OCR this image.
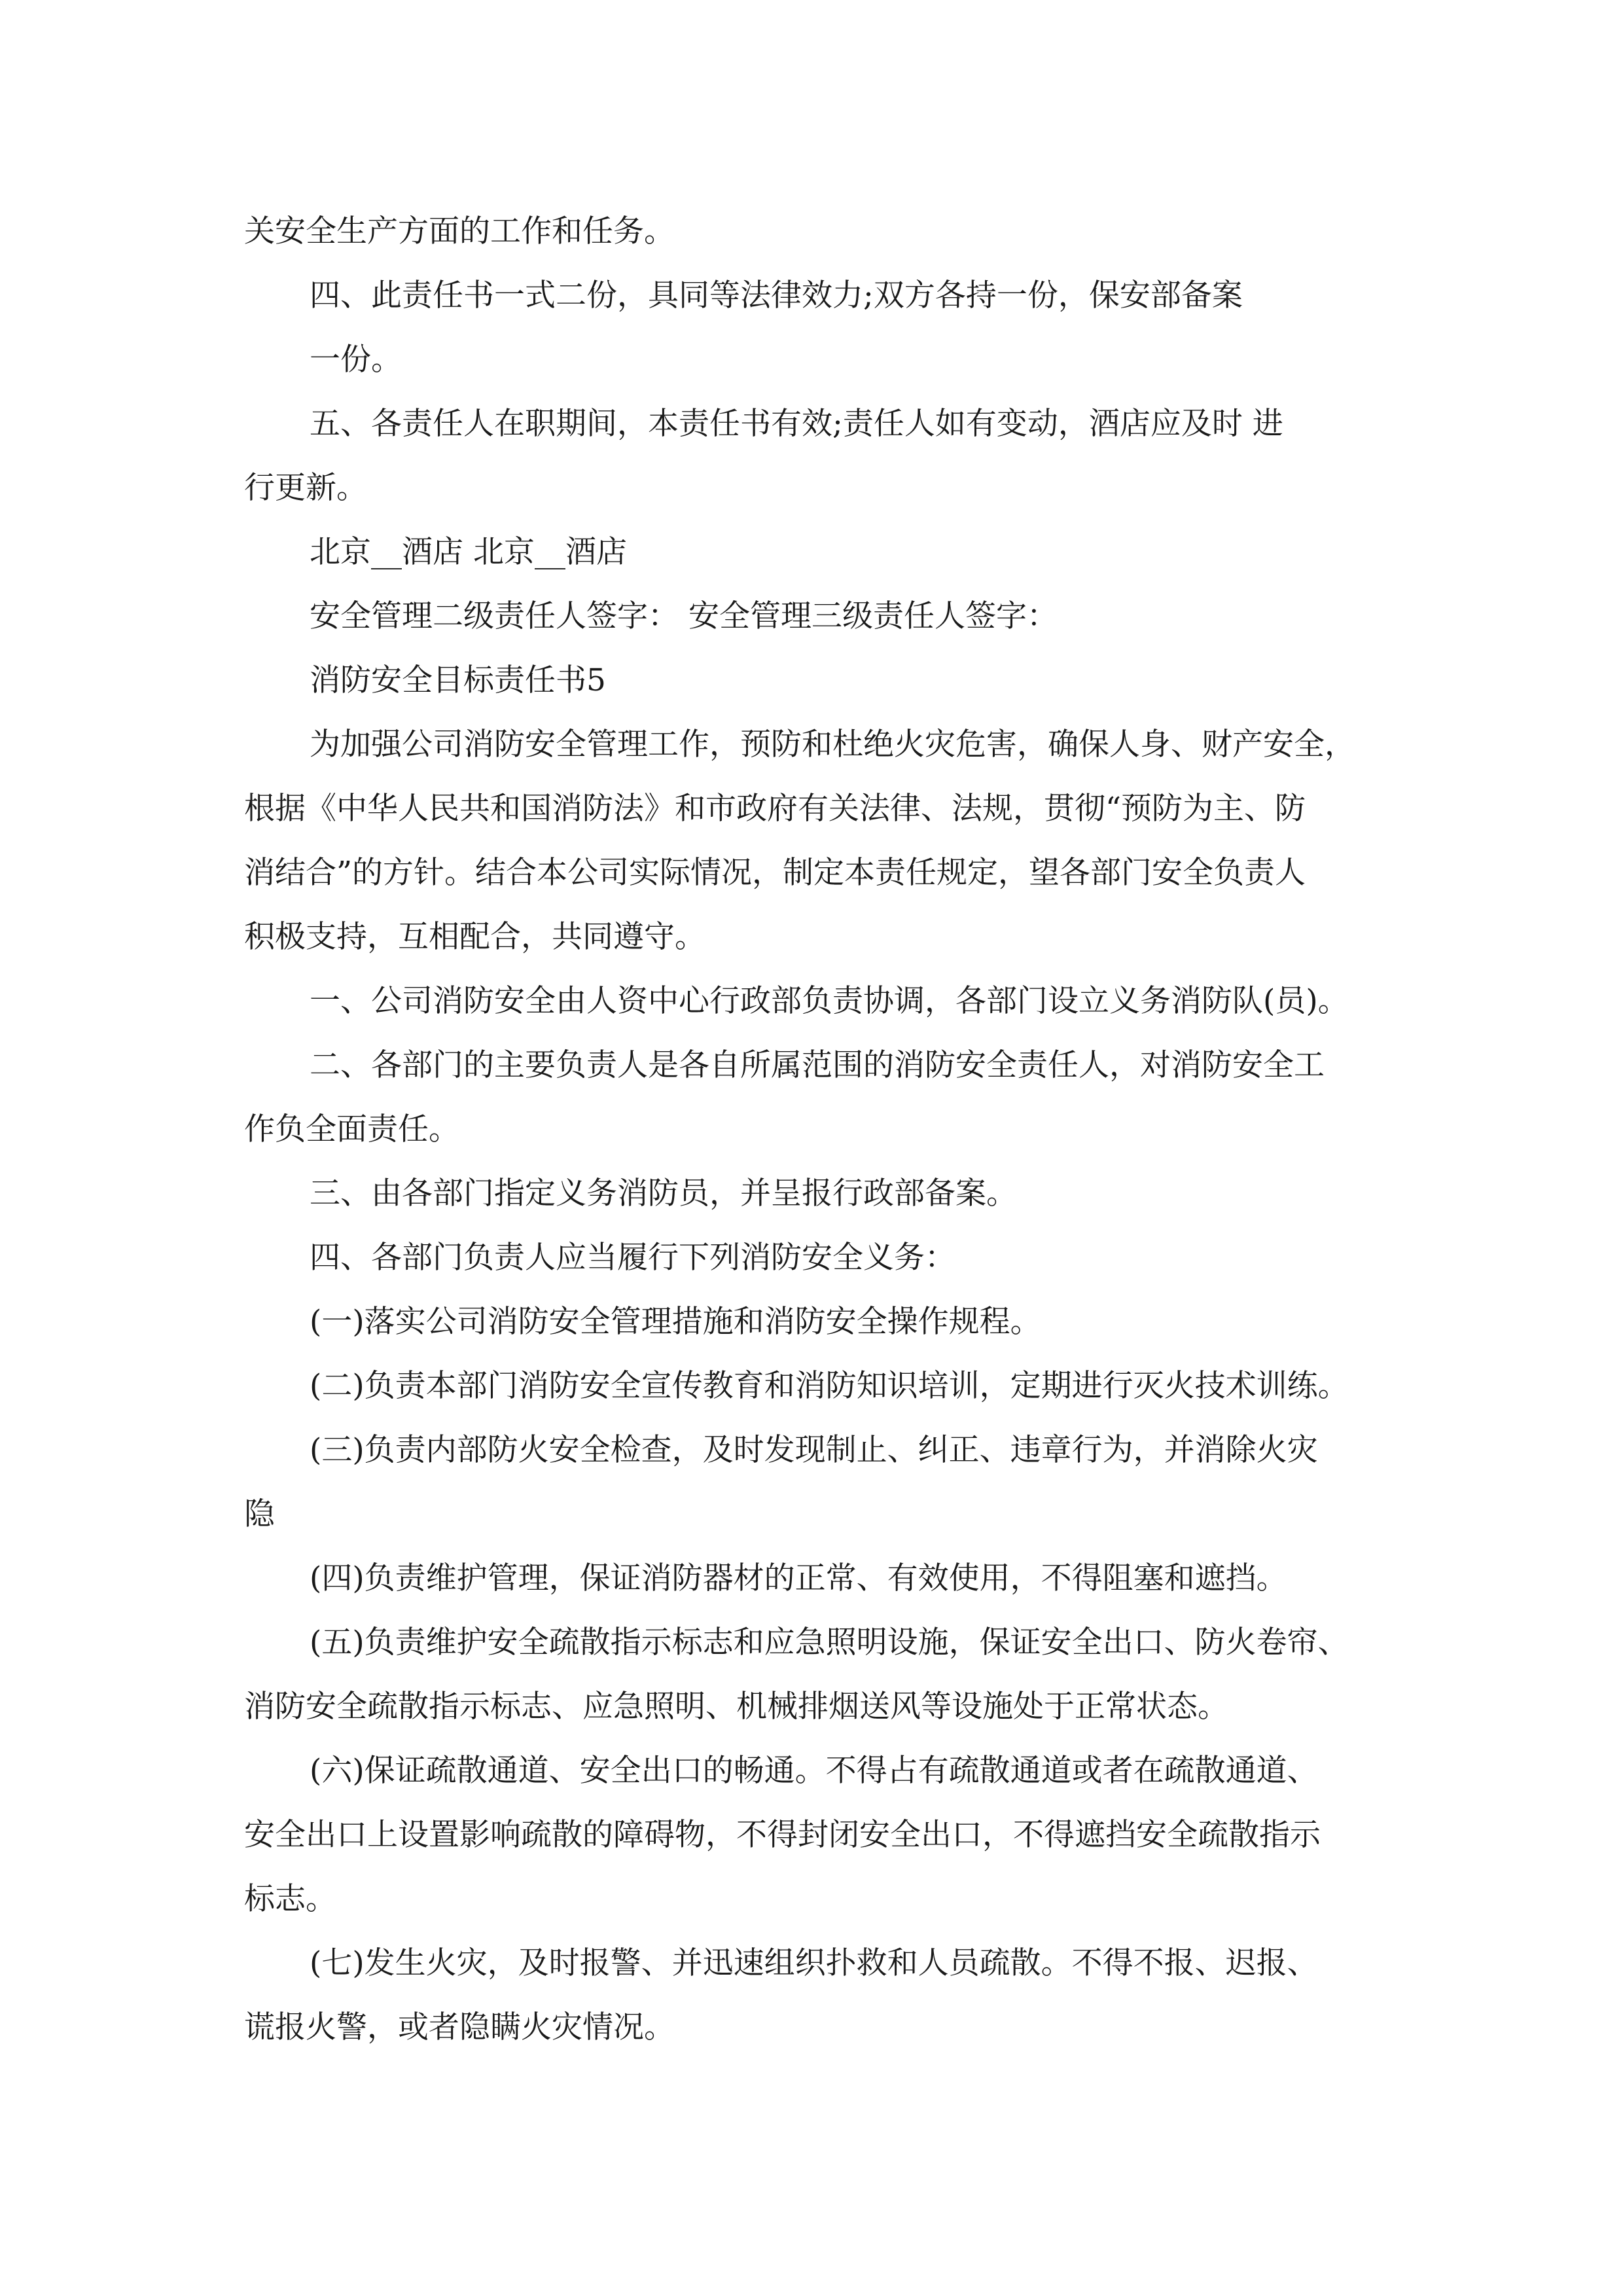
关安全生产方面的工作和任务。
四、此责任书一式二份，具同等法律效力;双方各持一份，保安部备案
一份。
五、各责任人在职期间，本责任书有效;责任人如有变动，酒店应及时 进
行更新。
北京__酒店 北京__酒店
安全管理二级责任人签字： 安全管理三级责任人签字：
消防安全目标责任书5
为加强公司消防安全管理工作，预防和杜绝火灾危害，确保人身、财产安全，
根据《中华人民共和国消防法》和市政府有关法律、法规，贯彻“预防为主、防
消结合”的方针。结合本公司实际情况，制定本责任规定，望各部门安全负责人
积极支持，互相配合，共同遵守。
一、公司消防安全由人资中心行政部负责协调，各部门设立义务消防队(员)。
二、各部门的主要负责人是各自所属范围的消防安全责任人，对消防安全工
作负全面责任。
三、由各部门指定义务消防员，并呈报行政部备案。
四、各部门负责人应当履行下列消防安全义务：
(一)落实公司消防安全管理措施和消防安全操作规程。
(二)负责本部门消防安全宣传教育和消防知识培训，定期进行灭火技术训练。
(三)负责内部防火安全检查，及时发现制止、纠正、违章行为，并消除火灾
隐
(四)负责维护管理，保证消防器材的正常、有效使用，不得阻塞和遮挡。
(五)负责维护安全疏散指示标志和应急照明设施，保证安全出口、防火卷帘、
消防安全疏散指示标志、应急照明、机械排烟送风等设施处于正常状态。
(六)保证疏散通道、安全出口的畅通。不得占有疏散通道或者在疏散通道、
安全出口上设置影响疏散的障碍物，不得封闭安全出口，不得遮挡安全疏散指示
标志。
(七)发生火灾，及时报警、并迅速组织扑救和人员疏散。不得不报、迟报、
谎报火警，或者隐瞒火灾情况。
